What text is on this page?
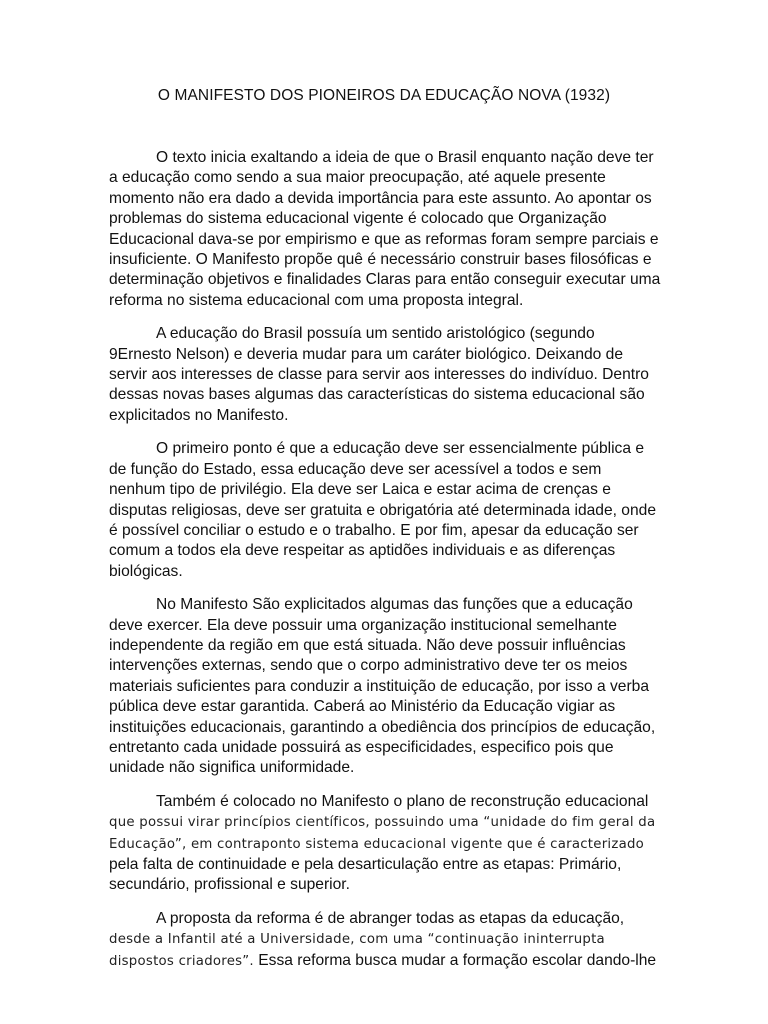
O MANIFESTO DOS PIONEIROS DA EDUCAÇÃO NOVA (1932)

O texto inicia exaltando a ideia de que o Brasil enquanto nação deve ter a educação como sendo a sua maior preocupação, até aquele presente momento não era dado a devida importância para este assunto. Ao apontar os problemas do sistema educacional vigente é colocado que Organização Educacional dava-se por empirismo e que as reformas foram sempre parciais e insuficiente. O Manifesto propõe quê é necessário construir bases filosóficas e determinação objetivos e finalidades Claras para então conseguir executar uma reforma no sistema educacional com uma proposta integral.

A educação do Brasil possuía um sentido aristológico (segundo 9Ernesto Nelson) e deveria mudar para um caráter biológico. Deixando de servir aos interesses de classe para servir aos interesses do indivíduo. Dentro dessas novas bases algumas das características do sistema educacional são explicitados no Manifesto.

O primeiro ponto é que a educação deve ser essencialmente pública e de função do Estado, essa educação deve ser acessível a todos e sem nenhum tipo de privilégio. Ela deve ser Laica e estar acima de crenças e disputas religiosas, deve ser gratuita e obrigatória até determinada idade, onde é possível conciliar o estudo e o trabalho. E por fim, apesar da educação ser comum a todos ela deve respeitar as aptidões individuais e as diferenças biológicas.

No Manifesto São explicitados algumas das funções que a educação deve exercer. Ela deve possuir uma organização institucional semelhante independente da região em que está situada. Não deve possuir influências intervenções externas, sendo que o corpo administrativo deve ter os meios materiais suficientes para conduzir a instituição de educação, por isso a verba pública deve estar garantida. Caberá ao Ministério da Educação vigiar as instituições educacionais, garantindo a obediência dos princípios de educação, entretanto cada unidade possuirá as especificidades, especifico pois que unidade não significa uniformidade.

Também é colocado no Manifesto o plano de reconstrução educacional que possui virar princípios científicos, possuindo uma “unidade do fim geral da Educação”, em contraponto sistema educacional vigente que é caracterizado pela falta de continuidade e pela desarticulação entre as etapas: Primário, secundário, profissional e superior.

A proposta da reforma é de abranger todas as etapas da educação, desde a Infantil até a Universidade, com uma “continuação ininterrupta dispostos criadores”. Essa reforma busca mudar a formação escolar dando-lhe
